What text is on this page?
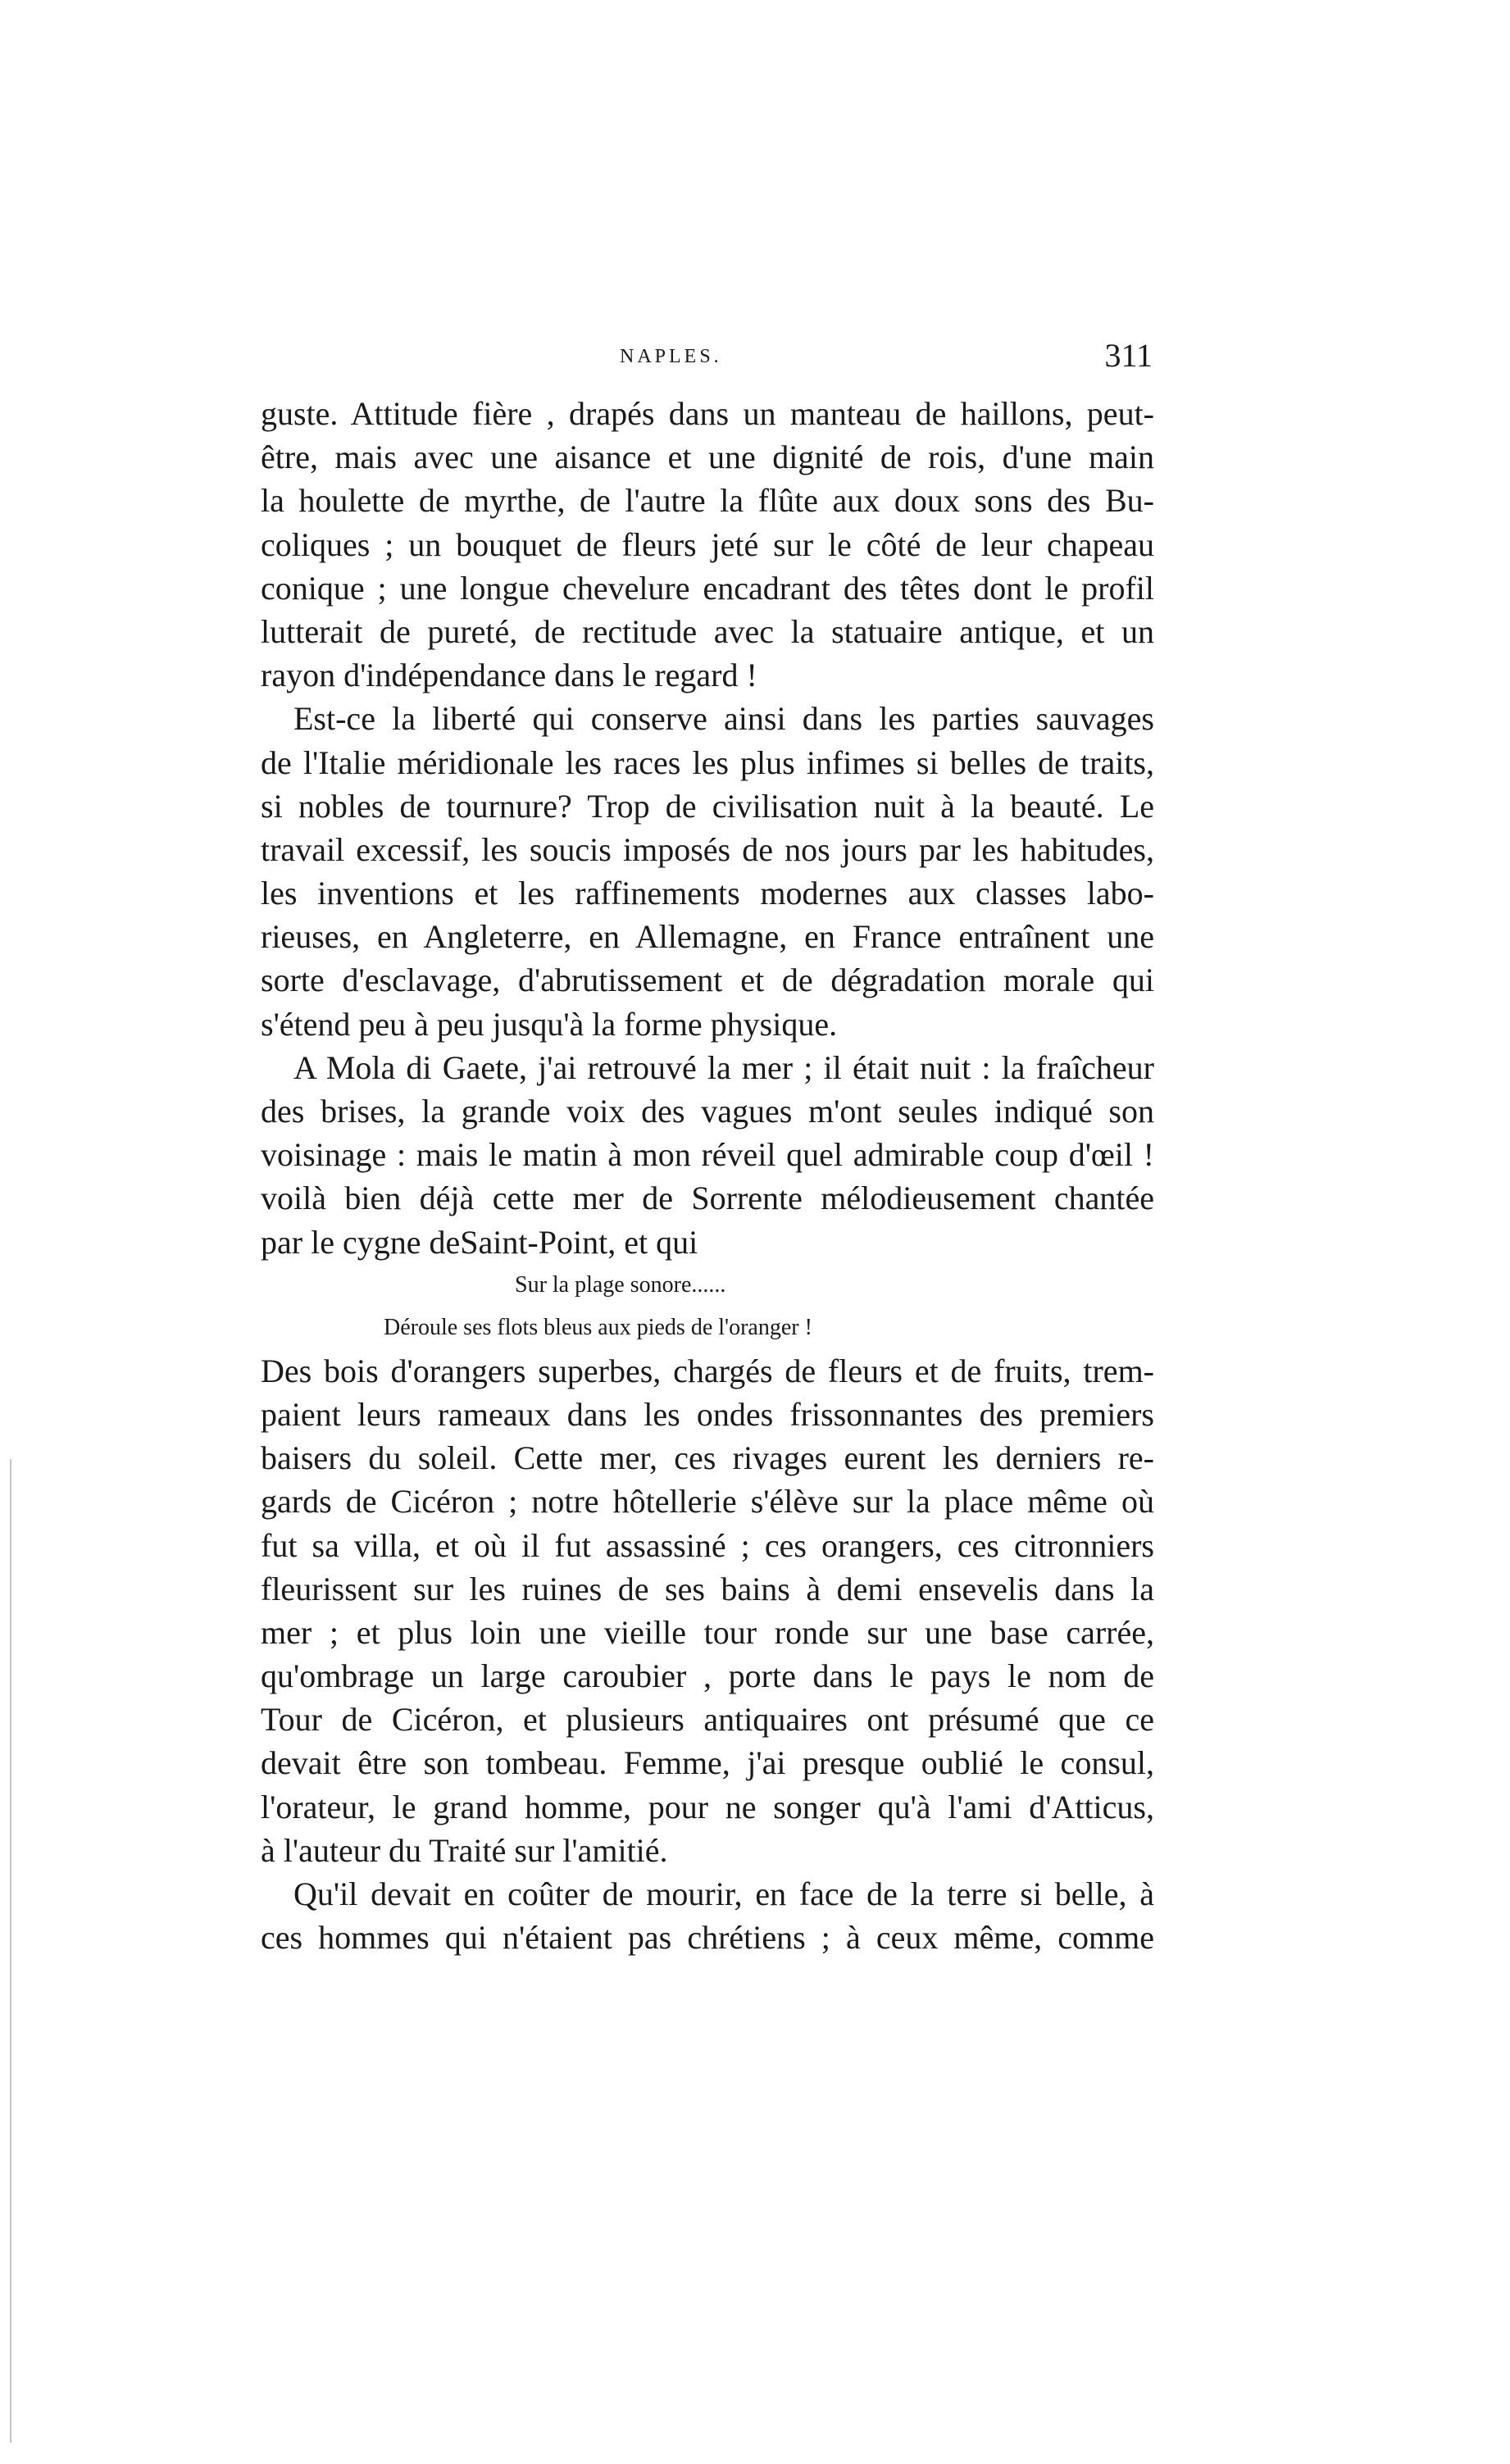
NAPLES.	311
guste. Attitude fière , drapés dans un manteau de haillons, peut-
être, mais avec une aisance et une dignité de rois, d'une main
la houlette de myrthe, de l'autre la flûte aux doux sons des Bu-
coliques ; un bouquet de fleurs jeté sur le côté de leur chapeau
conique ; une longue chevelure encadrant des têtes dont le profil
lutterait de pureté, de rectitude avec la statuaire antique, et un
rayon d'indépendance dans le regard !
Est-ce la liberté qui conserve ainsi dans les parties sauvages
de l'Italie méridionale les races les plus infimes si belles de traits,
si nobles de tournure? Trop de civilisation nuit à la beauté. Le
travail excessif, les soucis imposés de nos jours par les habitudes,
les inventions et les raffinements modernes aux classes labo-
rieuses, en Angleterre, en Allemagne, en France entraînent une
sorte d'esclavage, d'abrutissement et de dégradation morale qui
s'étend peu à peu jusqu'à la forme physique.
A Mola di Gaete, j'ai retrouvé la mer ; il était nuit : la fraîcheur
des brises, la grande voix des vagues m'ont seules indiqué son
voisinage : mais le matin à mon réveil quel admirable coup d'œil !
voilà bien déjà cette mer de Sorrente mélodieusement chantée
par le cygne deSaint-Point, et qui
Sur la plage sonore......
Déroule ses flots bleus aux pieds de l'oranger !
Des bois d'orangers superbes, chargés de fleurs et de fruits, trem-
paient leurs rameaux dans les ondes frissonnantes des premiers
baisers du soleil. Cette mer, ces rivages eurent les derniers re-
gards de Cicéron ; notre hôtellerie s'élève sur la place même où
fut sa villa, et où il fut assassiné ; ces orangers, ces citronniers
fleurissent sur les ruines de ses bains à demi ensevelis dans la
mer ; et plus loin une vieille tour ronde sur une base carrée,
qu'ombrage un large caroubier , porte dans le pays le nom de
Tour de Cicéron, et plusieurs antiquaires ont présumé que ce
devait être son tombeau. Femme, j'ai presque oublié le consul,
l'orateur, le grand homme, pour ne songer qu'à l'ami d'Atticus,
à l'auteur du Traité sur l'amitié.
Qu'il devait en coûter de mourir, en face de la terre si belle, à
ces hommes qui n'étaient pas chrétiens ; à ceux même, comme
